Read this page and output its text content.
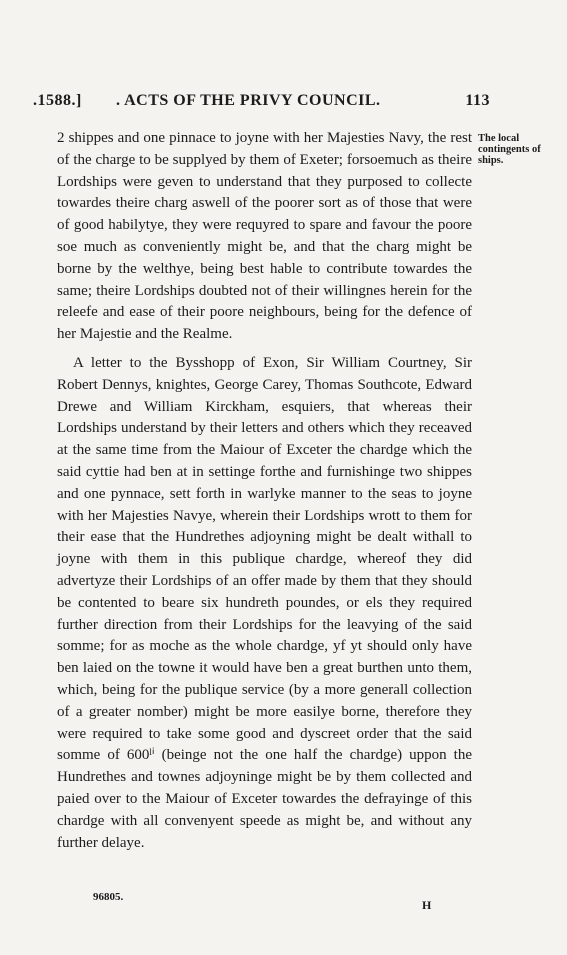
.1588.] . ACTS OF THE PRIVY COUNCIL.	113

2 shippes and one pinnace to joyne with her Majesties Navy, the rest of the charge to be supplyed by them of Exeter; forsoemuch as theire Lordships were geven to understand that they purposed to collecte towardes theire charg aswell of the poorer sort as of those that were of good habilytye, they were requyred to spare and favour the poore soe much as conveniently might be, and that the charg might be borne by the welthye, being best hable to contribute towardes the same; theire Lordships doubted not of their willingnes herein for the releefe and ease of their poore neighbours, being for the defence of her Majestie and the Realme.

A letter to the Bysshopp of Exon, Sir William Courtney, Sir Robert Dennys, knightes, George Carey, Thomas Southcote, Edward Drewe and William Kirckham, esquiers, that whereas their Lordships understand by their letters and others which they receaved at the same time from the Maiour of Exceter the chardge which the said cyttie had ben at in settinge forthe and furnishinge two shippes and one pynnace, sett forth in warlyke manner to the seas to joyne with her Majesties Navye, wherein their Lordships wrott to them for their ease that the Hundrethes adjoyning might be dealt withall to joyne with them in this publique chardge, whereof they did advertyze their Lordships of an offer made by them that they should be contented to beare six hundreth poundes, or els they required further direction from their Lordships for the leavying of the said somme; for as moche as the whole chardge, yf yt should only have ben laied on the towne it would have ben a great burthen unto them, which, being for the publique service (by a more generall collection of a greater nomber) might be more easilye borne, therefore they were required to take some good and dyscreet order that the said somme of 600ˡⁱ (beinge not the one half the chardge) uppon the Hundrethes and townes adjoyninge might be by them collected and paied over to the Maiour of Exceter towardes the defrayinge of this chardge with all convenyent speede as might be, and without any further delaye.

The local contingents of ships.
96805.
H
